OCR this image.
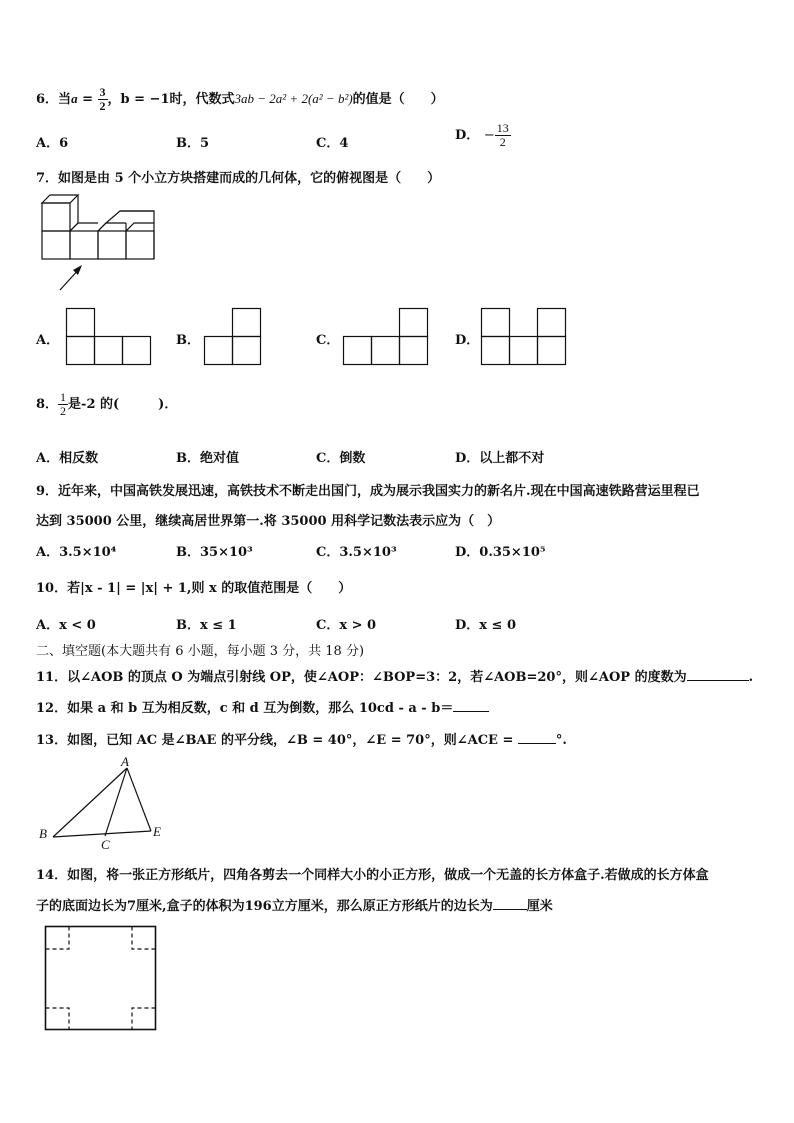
6．当$a = \frac{3}{2}$ ，b = −1时，代数式3ab − 2a² + 2(a² − b²)的值是（　　）
A．6	B．5	C．4
D． − $\frac{13}{2}$
7．如图是由 5 个小立方块搭建而成的几何体，它的俯视图是（　　）
A．	B．	C．	D．
8． $\frac{1}{2}$ 是-2 的(　　　)．
A．相反数	B．绝对值	C．倒数	D．以上都不对
9．近年来，中国高铁发展迅速，高铁技术不断走出国门，成为展示我国实力的新名片.现在中国高速铁路营运里程已
达到 35000 公里，继续高居世界第一.将 35000 用科学记数法表示应为（　）
A．3.5×10⁴	B．35×10³	C．3.5×10³	D．0.35×10⁵
10．若|x - 1| = |x| + 1,则 x 的取值范围是（　　）
A．x < 0	B．x ≤ 1	C．x > 0	D．x ≤ 0
二、填空题(本大题共有 6 小题，每小题 3 分，共 18 分)
11．以∠AOB 的顶点 O 为端点引射线 OP，使∠AOP：∠BOP=3：2，若∠AOB=20°，则∠AOP 的度数为	.
12．如果 a 和 b 互为相反数，c 和 d 互为倒数，那么 10cd - a - b＝
13．如图，已知 AC 是∠BAE 的平分线，∠B = 40°，∠E = 70°，则∠ACE =	°.
A
B
C
E
14．如图，将一张正方形纸片，四角各剪去一个同样大小的小正方形，做成一个无盖的长方体盒子.若做成的长方体盒
子的底面边长为7厘米,盒子的体积为196立方厘米，那么原正方形纸片的边长为	厘米
